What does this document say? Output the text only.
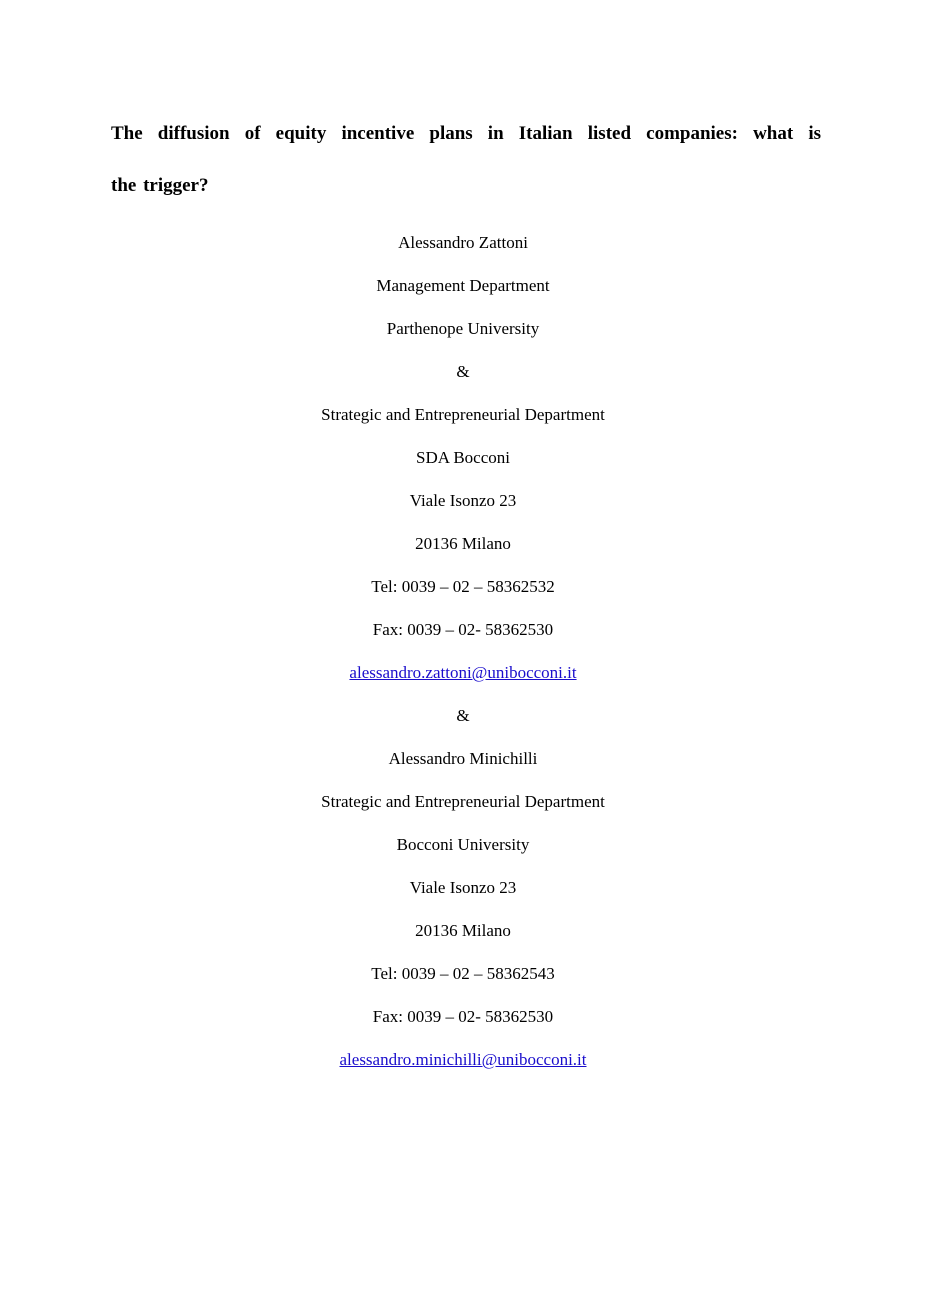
The diffusion of equity incentive plans in Italian listed companies: what is
the trigger?
Alessandro Zattoni
Management Department
Parthenope University
&
Strategic and Entrepreneurial Department
SDA Bocconi
Viale Isonzo 23
20136 Milano
Tel: 0039 – 02 – 58362532
Fax: 0039 – 02- 58362530
alessandro.zattoni@unibocconi.it
&
Alessandro Minichilli
Strategic and Entrepreneurial Department
Bocconi University
Viale Isonzo 23
20136 Milano
Tel: 0039 – 02 – 58362543
Fax: 0039 – 02- 58362530
alessandro.minichilli@unibocconi.it
